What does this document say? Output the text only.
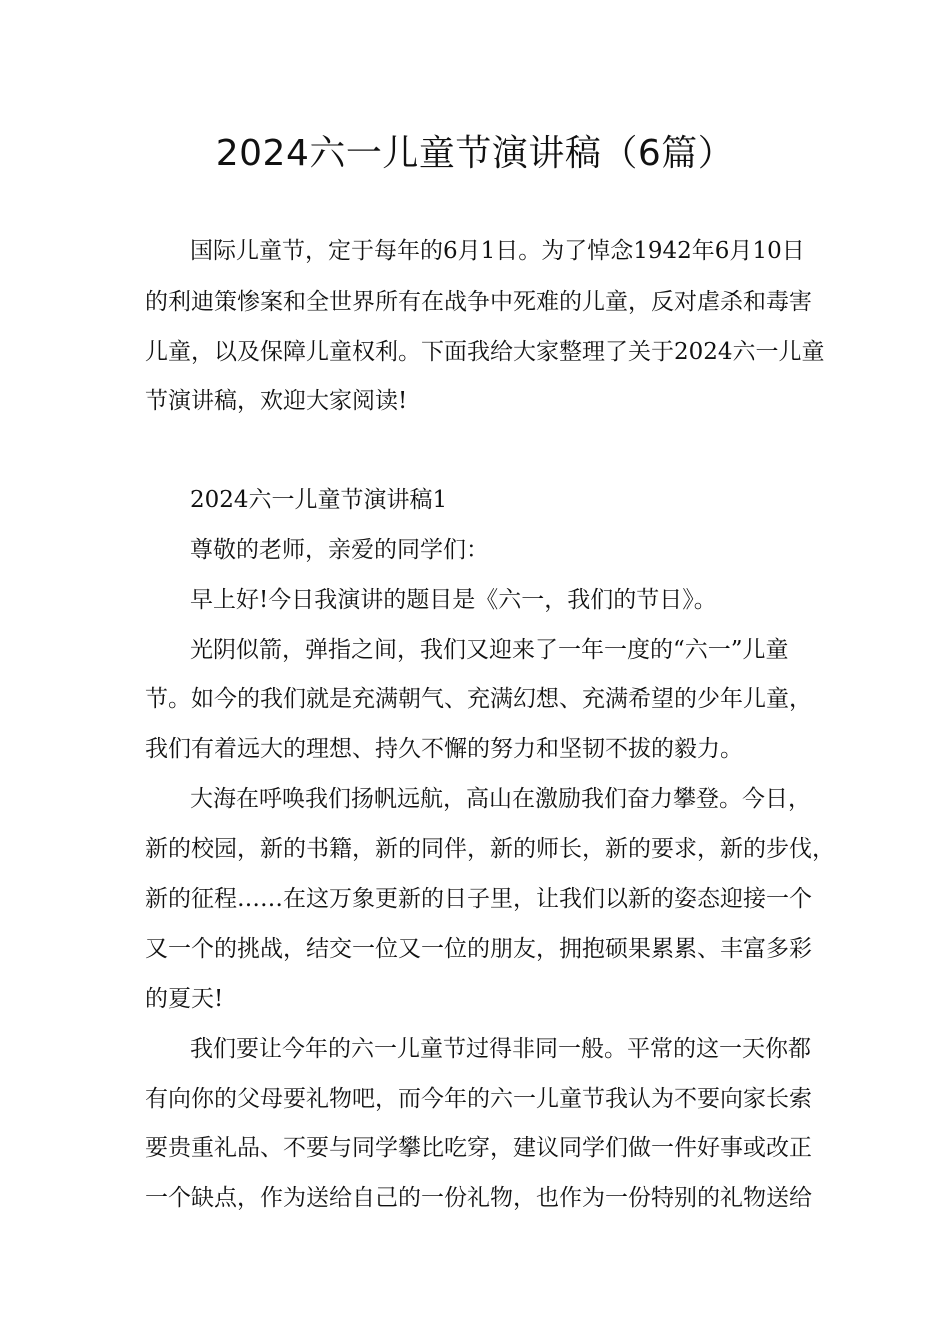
2024六一儿童节演讲稿（6篇）
国际儿童节，定于每年的6月1日。为了悼念1942年6月10日
的利迪策惨案和全世界所有在战争中死难的儿童，反对虐杀和毒害
儿童，以及保障儿童权利。下面我给大家整理了关于2024六一儿童
节演讲稿，欢迎大家阅读!
2024六一儿童节演讲稿1
尊敬的老师，亲爱的同学们：
早上好!今日我演讲的题目是《六一，我们的节日》。
光阴似箭，弹指之间，我们又迎来了一年一度的“六一”儿童
节。如今的我们就是充满朝气、充满幻想、充满希望的少年儿童，
我们有着远大的理想、持久不懈的努力和坚韧不拔的毅力。
大海在呼唤我们扬帆远航，高山在激励我们奋力攀登。今日，
新的校园，新的书籍，新的同伴，新的师长，新的要求，新的步伐，
新的征程……在这万象更新的日子里，让我们以新的姿态迎接一个
又一个的挑战，结交一位又一位的朋友，拥抱硕果累累、丰富多彩
的夏天!
我们要让今年的六一儿童节过得非同一般。平常的这一天你都
有向你的父母要礼物吧，而今年的六一儿童节我认为不要向家长索
要贵重礼品、不要与同学攀比吃穿，建议同学们做一件好事或改正
一个缺点，作为送给自己的一份礼物，也作为一份特别的礼物送给
